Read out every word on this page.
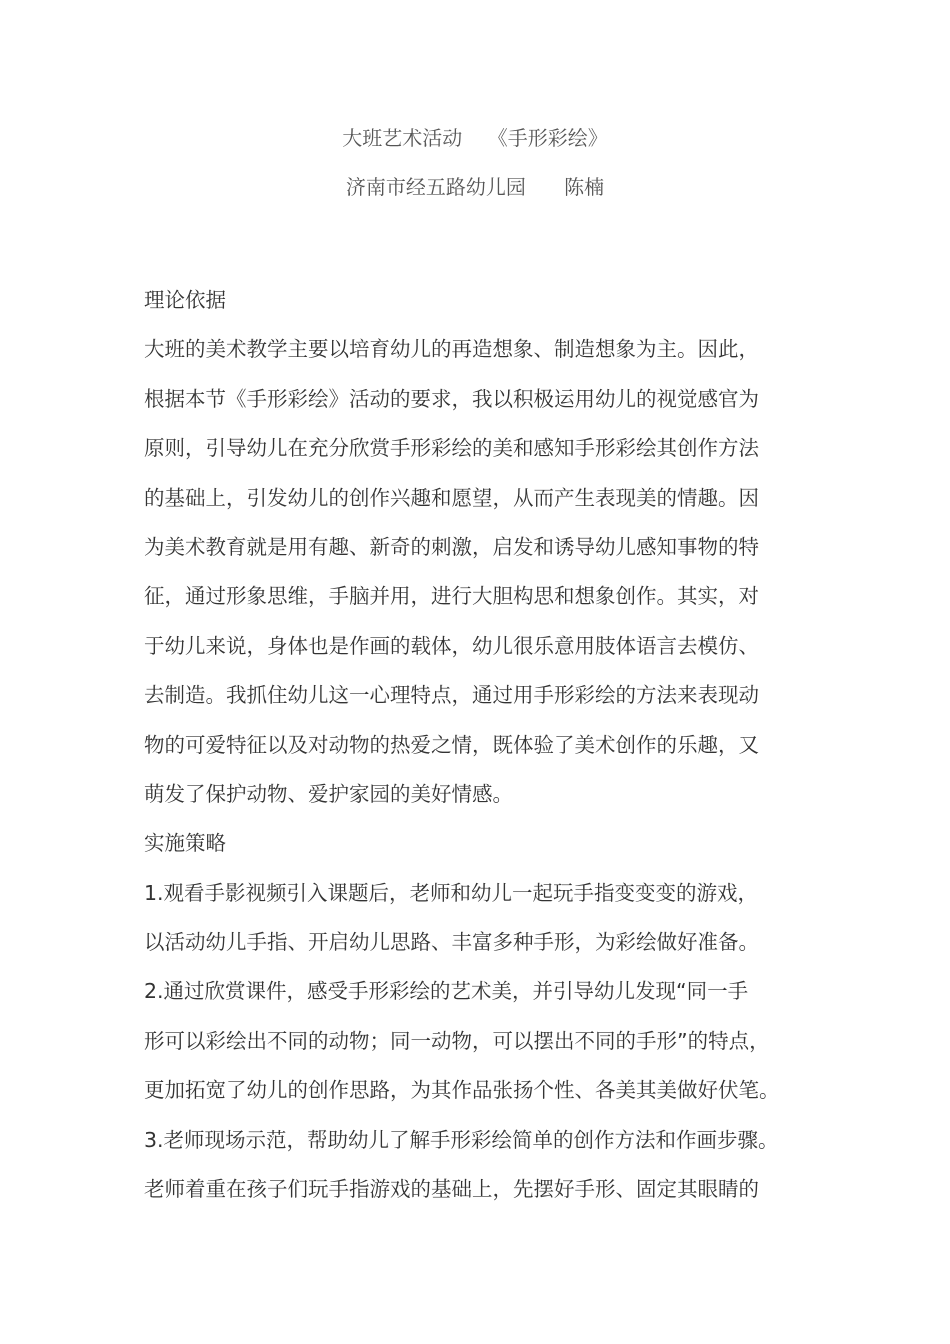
大班艺术活动    《手形彩绘》
济南市经五路幼儿园      陈楠
理论依据
大班的美术教学主要以培育幼儿的再造想象、制造想象为主。因此，
根据本节《手形彩绘》活动的要求，我以积极运用幼儿的视觉感官为
原则，引导幼儿在充分欣赏手形彩绘的美和感知手形彩绘其创作方法
的基础上，引发幼儿的创作兴趣和愿望，从而产生表现美的情趣。因
为美术教育就是用有趣、新奇的刺激，启发和诱导幼儿感知事物的特
征，通过形象思维，手脑并用，进行大胆构思和想象创作。其实，对
于幼儿来说，身体也是作画的载体，幼儿很乐意用肢体语言去模仿、
去制造。我抓住幼儿这一心理特点，通过用手形彩绘的方法来表现动
物的可爱特征以及对动物的热爱之情，既体验了美术创作的乐趣，又
萌发了保护动物、爱护家园的美好情感。
实施策略
1.观看手影视频引入课题后，老师和幼儿一起玩手指变变变的游戏，
以活动幼儿手指、开启幼儿思路、丰富多种手形，为彩绘做好准备。
2.通过欣赏课件，感受手形彩绘的艺术美，并引导幼儿发现“同一手
形可以彩绘出不同的动物；同一动物，可以摆出不同的手形”的特点，
更加拓宽了幼儿的创作思路，为其作品张扬个性、各美其美做好伏笔。
3.老师现场示范，帮助幼儿了解手形彩绘简单的创作方法和作画步骤。
老师着重在孩子们玩手指游戏的基础上，先摆好手形、固定其眼睛的
